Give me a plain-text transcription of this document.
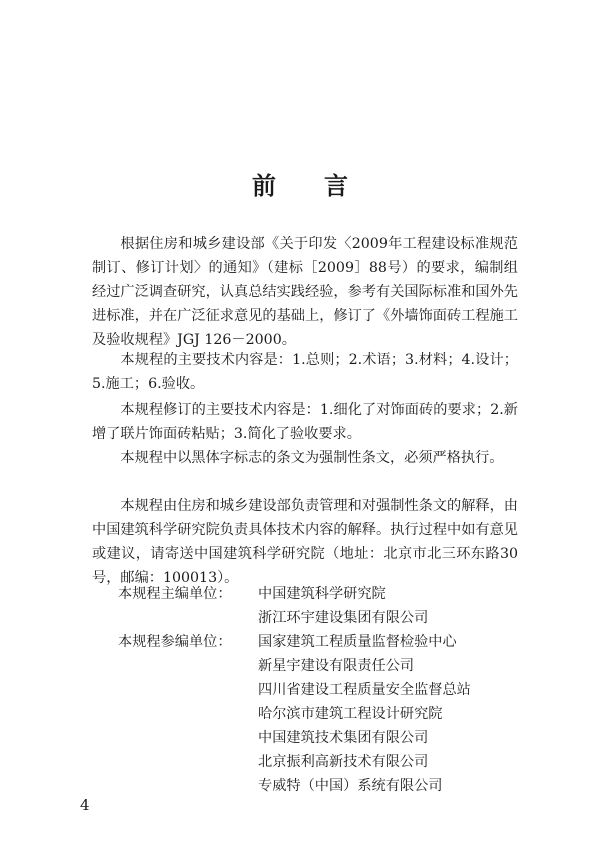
前 言
根据住房和城乡建设部《关于印发〈2009年工程建设标准规范制订、修订计划〉的通知》（建标［2009］88号）的要求，编制组经过广泛调查研究，认真总结实践经验，参考有关国际标准和国外先进标准，并在广泛征求意见的基础上，修订了《外墙饰面砖工程施工及验收规程》JGJ 126－2000。
本规程的主要技术内容是：1.总则；2.术语；3.材料；4.设计；5.施工；6.验收。
本规程修订的主要技术内容是：1.细化了对饰面砖的要求；2.新增了联片饰面砖粘贴；3.简化了验收要求。
本规程中以黑体字标志的条文为强制性条文，必须严格执行。
本规程由住房和城乡建设部负责管理和对强制性条文的解释，由中国建筑科学研究院负责具体技术内容的解释。执行过程中如有意见或建议，请寄送中国建筑科学研究院（地址：北京市北三环东路30号，邮编：100013）。
本规程主编单位： 中国建筑科学研究院
浙江环宇建设集团有限公司
本规程参编单位： 国家建筑工程质量监督检验中心
新星宇建设有限责任公司
四川省建设工程质量安全监督总站
哈尔滨市建筑工程设计研究院
中国建筑技术集团有限公司
北京振利高新技术有限公司
专威特（中国）系统有限公司
4
